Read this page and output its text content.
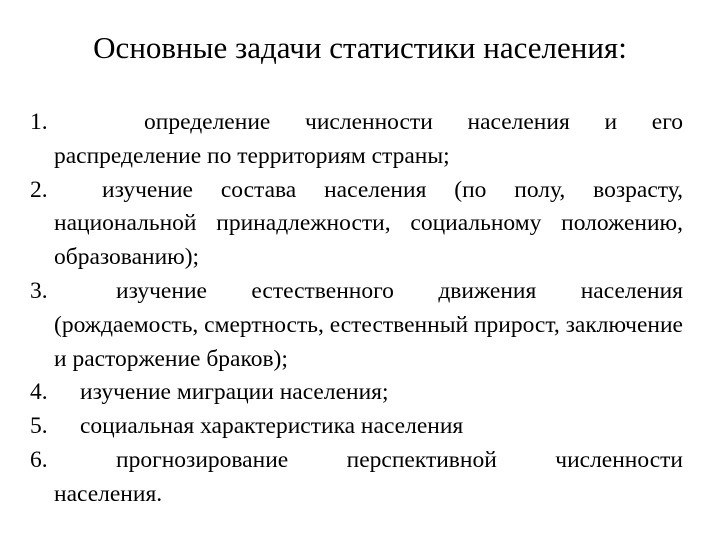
Основные задачи статистики населения:
1.	определение численности населения и его распределение по территориям страны;
2. изучение состава населения (по полу, возрасту, национальной принадлежности, социальному положению, образованию);
3.	изучение естественного движения населения (рождаемость, смертность, естественный прирост, заключение и расторжение браков);
4. изучение миграции населения;
5. социальная характеристика населения
6.	прогнозирование перспективной численности населения.
